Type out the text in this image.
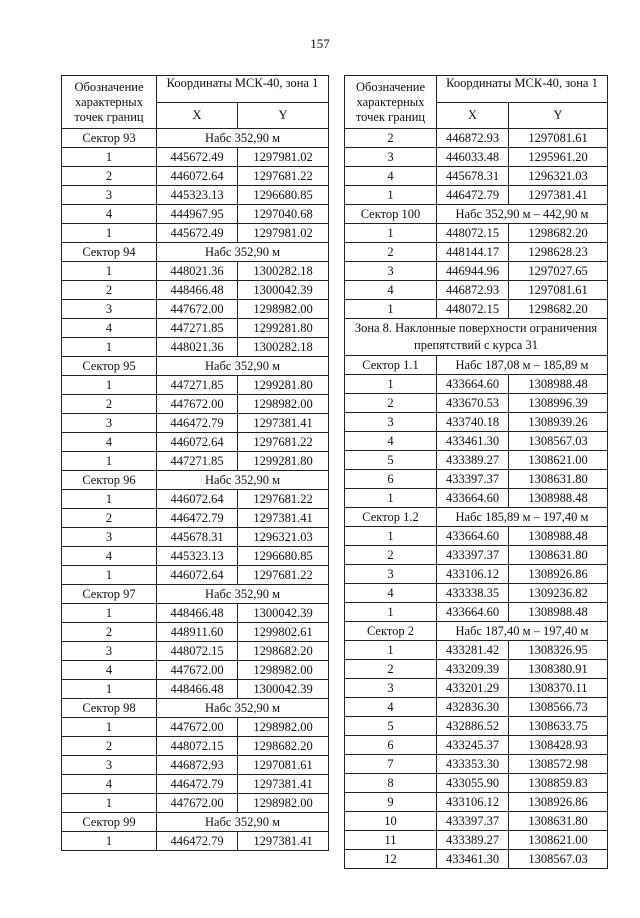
157
Обозначение характерных точек границ	Координаты МСК-40, зона 1	
	X	Y
Сектор 93	Набс 352,90 м	
1	445672.49	1297981.02
2	446072.64	1297681.22
3	445323.13	1296680.85
4	444967.95	1297040.68
1	445672.49	1297981.02
Сектор 94	Набс 352,90 м	
1	448021.36	1300282.18
2	448466.48	1300042.39
3	447672.00	1298982.00
4	447271.85	1299281.80
1	448021.36	1300282.18
Сектор 95	Набс 352,90 м	
1	447271.85	1299281.80
2	447672.00	1298982.00
3	446472.79	1297381.41
4	446072.64	1297681.22
1	447271.85	1299281.80
Сектор 96	Набс 352,90 м	
1	446072.64	1297681.22
2	446472.79	1297381.41
3	445678.31	1296321.03
4	445323.13	1296680.85
1	446072.64	1297681.22
Сектор 97	Набс 352,90 м	
1	448466.48	1300042.39
2	448911.60	1299802.61
3	448072.15	1298682.20
4	447672.00	1298982.00
1	448466.48	1300042.39
Сектор 98	Набс 352,90 м	
1	447672.00	1298982.00
2	448072.15	1298682.20
3	446872.93	1297081.61
4	446472.79	1297381.41
1	447672.00	1298982.00
Сектор 99	Набс 352,90 м	
1	446472.79	1297381.41
Обозначение характерных точек границ	Координаты МСК-40, зона 1	
	X	Y
2	446872.93	1297081.61
3	446033.48	1295961.20
4	445678.31	1296321.03
1	446472.79	1297381.41
Сектор 100	Набс 352,90 м – 442,90 м	
1	448072.15	1298682.20
2	448144.17	1298628.23
3	446944.96	1297027.65
4	446872.93	1297081.61
1	448072.15	1298682.20
Зона 8. Наклонные поверхности ограничения препятствий с курса 31		
Сектор 1.1	Набс 187,08 м – 185,89 м	
1	433664.60	1308988.48
2	433670.53	1308996.39
3	433740.18	1308939.26
4	433461.30	1308567.03
5	433389.27	1308621.00
6	433397.37	1308631.80
1	433664.60	1308988.48
Сектор 1.2	Набс 185,89 м – 197,40 м	
1	433664.60	1308988.48
2	433397.37	1308631.80
3	433106.12	1308926.86
4	433338.35	1309236.82
1	433664.60	1308988.48
Сектор 2	Набс 187,40 м – 197,40 м	
1	433281.42	1308326.95
2	433209.39	1308380.91
3	433201.29	1308370.11
4	432836.30	1308566.73
5	432886.52	1308633.75
6	433245.37	1308428.93
7	433353.30	1308572.98
8	433055.90	1308859.83
9	433106.12	1308926.86
10	433397.37	1308631.80
11	433389.27	1308621.00
12	433461.30	1308567.03
